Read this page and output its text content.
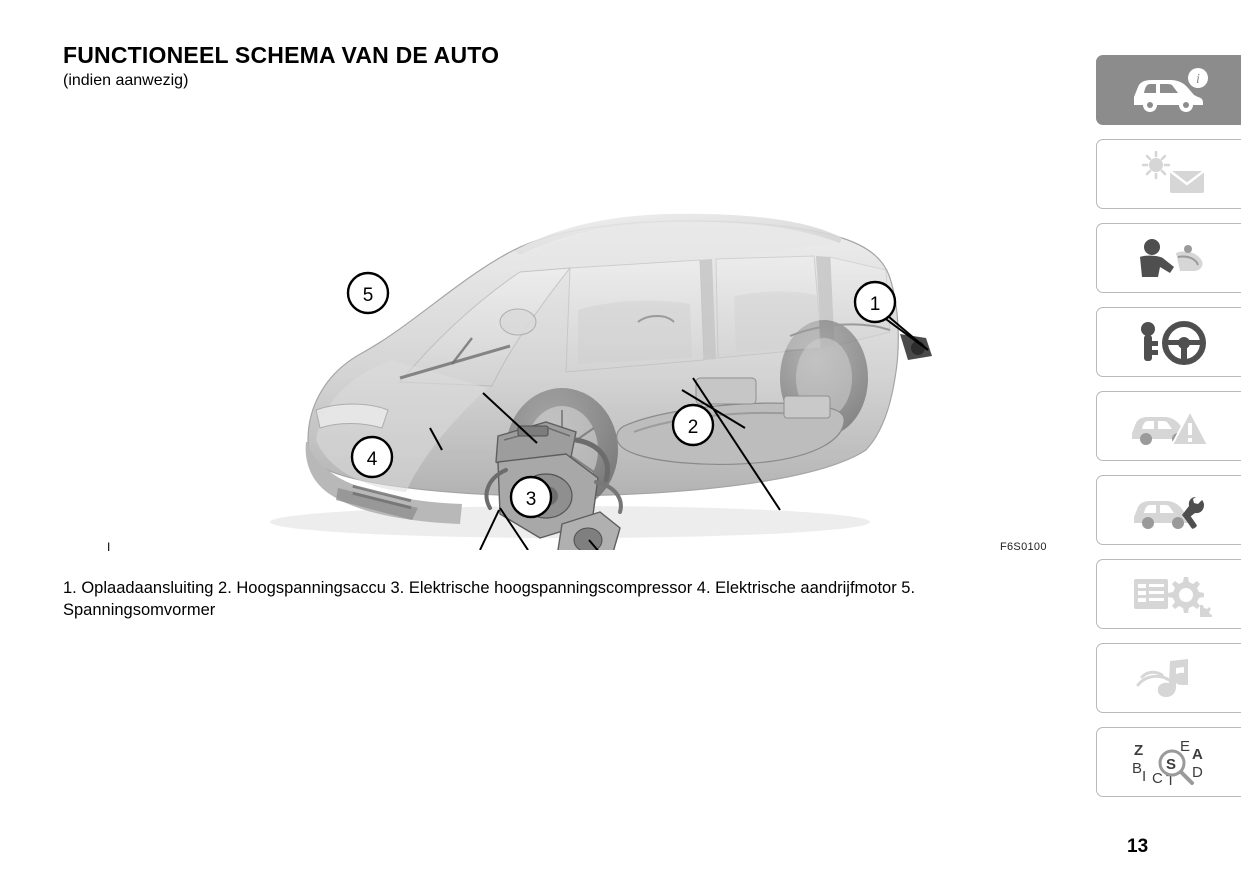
FUNCTIONEEL SCHEMA VAN DE AUTO
(indien aanwezig)
1
2
3
4
5
I	F6S0100
1. Oplaadaansluiting 2. Hoogspanningsaccu 3. Elektrische hoogspanningscompressor 4. Elektrische aandrijfmotor 5. Spanningsomvormer
13
i
Z
B I C T
E A
D
S
